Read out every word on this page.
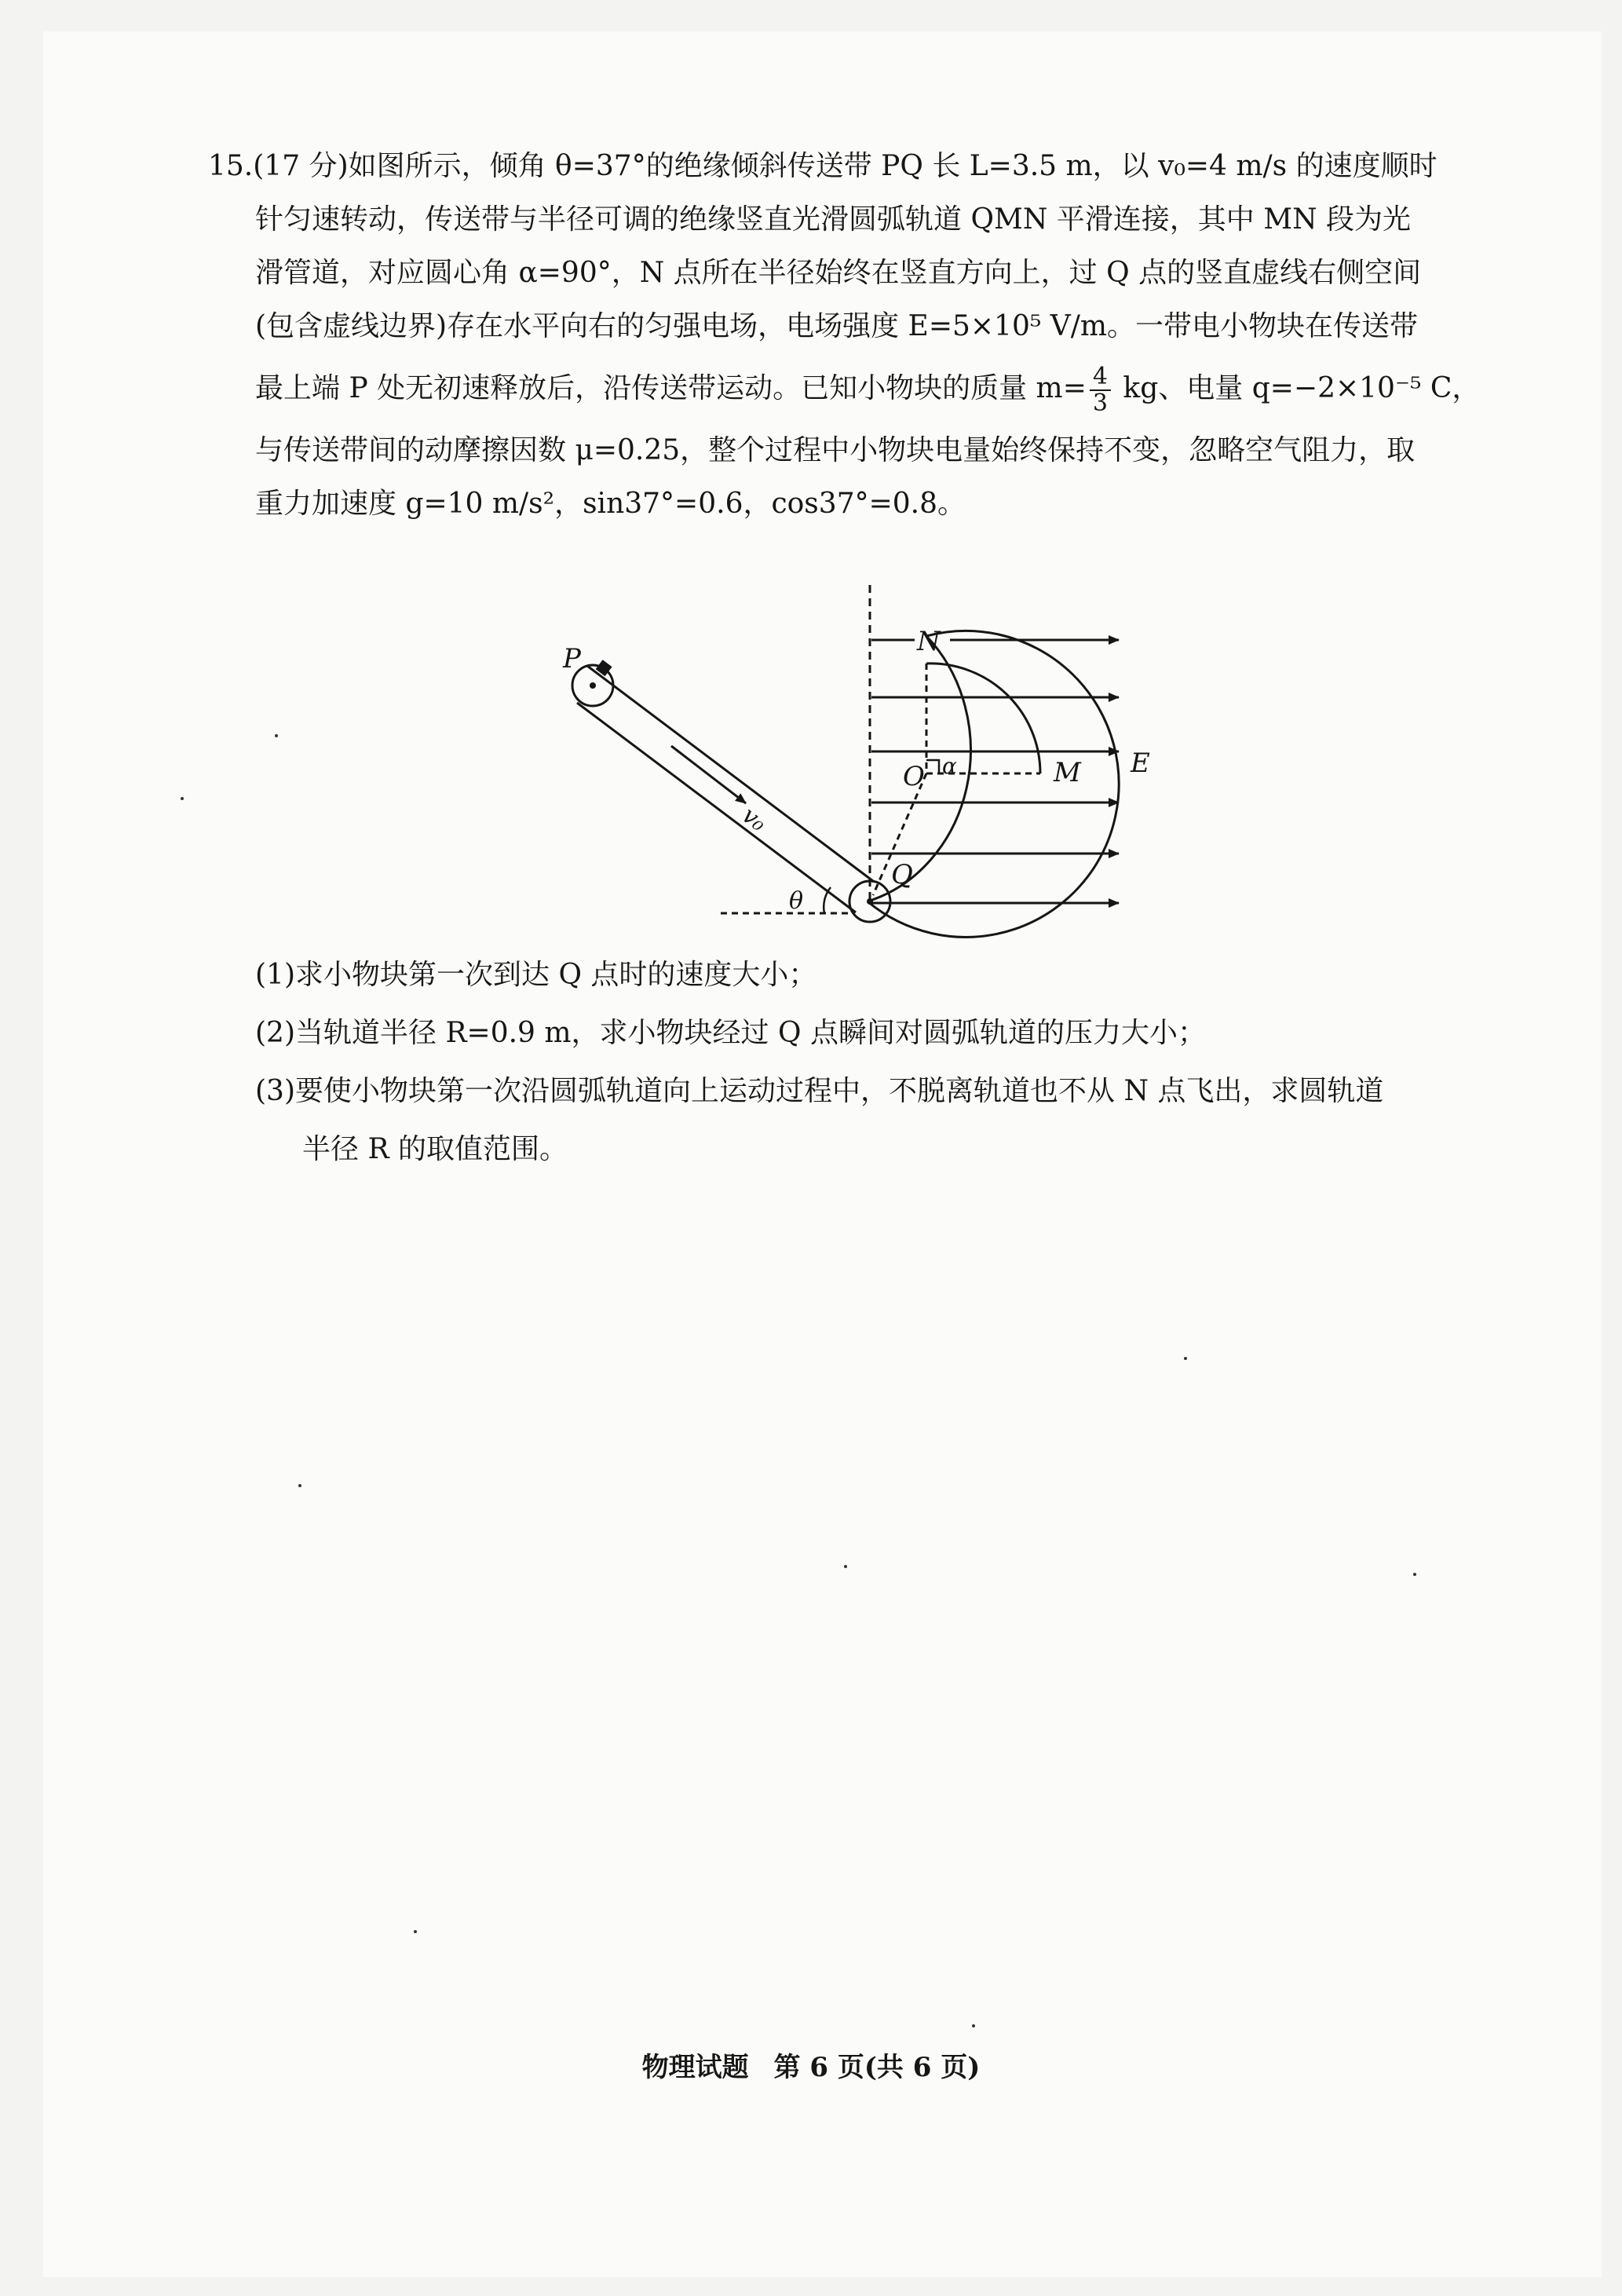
15.(17 分)如图所示，倾角 θ=37°的绝缘倾斜传送带 PQ 长 L=3.5 m，以 v₀=4 m/s 的速度顺时
针匀速转动，传送带与半径可调的绝缘竖直光滑圆弧轨道 QMN 平滑连接，其中 MN 段为光
滑管道，对应圆心角 α=90°，N 点所在半径始终在竖直方向上，过 Q 点的竖直虚线右侧空间
(包含虚线边界)存在水平向右的匀强电场，电场强度 E=5×10⁵ V/m。一带电小物块在传送带
最上端 P 处无初速释放后，沿传送带运动。已知小物块的质量 $m= \frac{4}{3}$ kg、电量 q=−2×10⁻⁵ C，
与传送带间的动摩擦因数 μ=0.25，整个过程中小物块电量始终保持不变，忽略空气阻力，取
重力加速度 g=10 m/s²，sin37°=0.6，cos37°=0.8。
P
N
O α	M E
Q
θ
v₀
(1)求小物块第一次到达 Q 点时的速度大小；
(2)当轨道半径 R=0.9 m，求小物块经过 Q 点瞬间对圆弧轨道的压力大小；
(3)要使小物块第一次沿圆弧轨道向上运动过程中，不脱离轨道也不从 N 点飞出，求圆轨道
半径 R 的取值范围。
物理试题 第 6 页(共 6 页)
